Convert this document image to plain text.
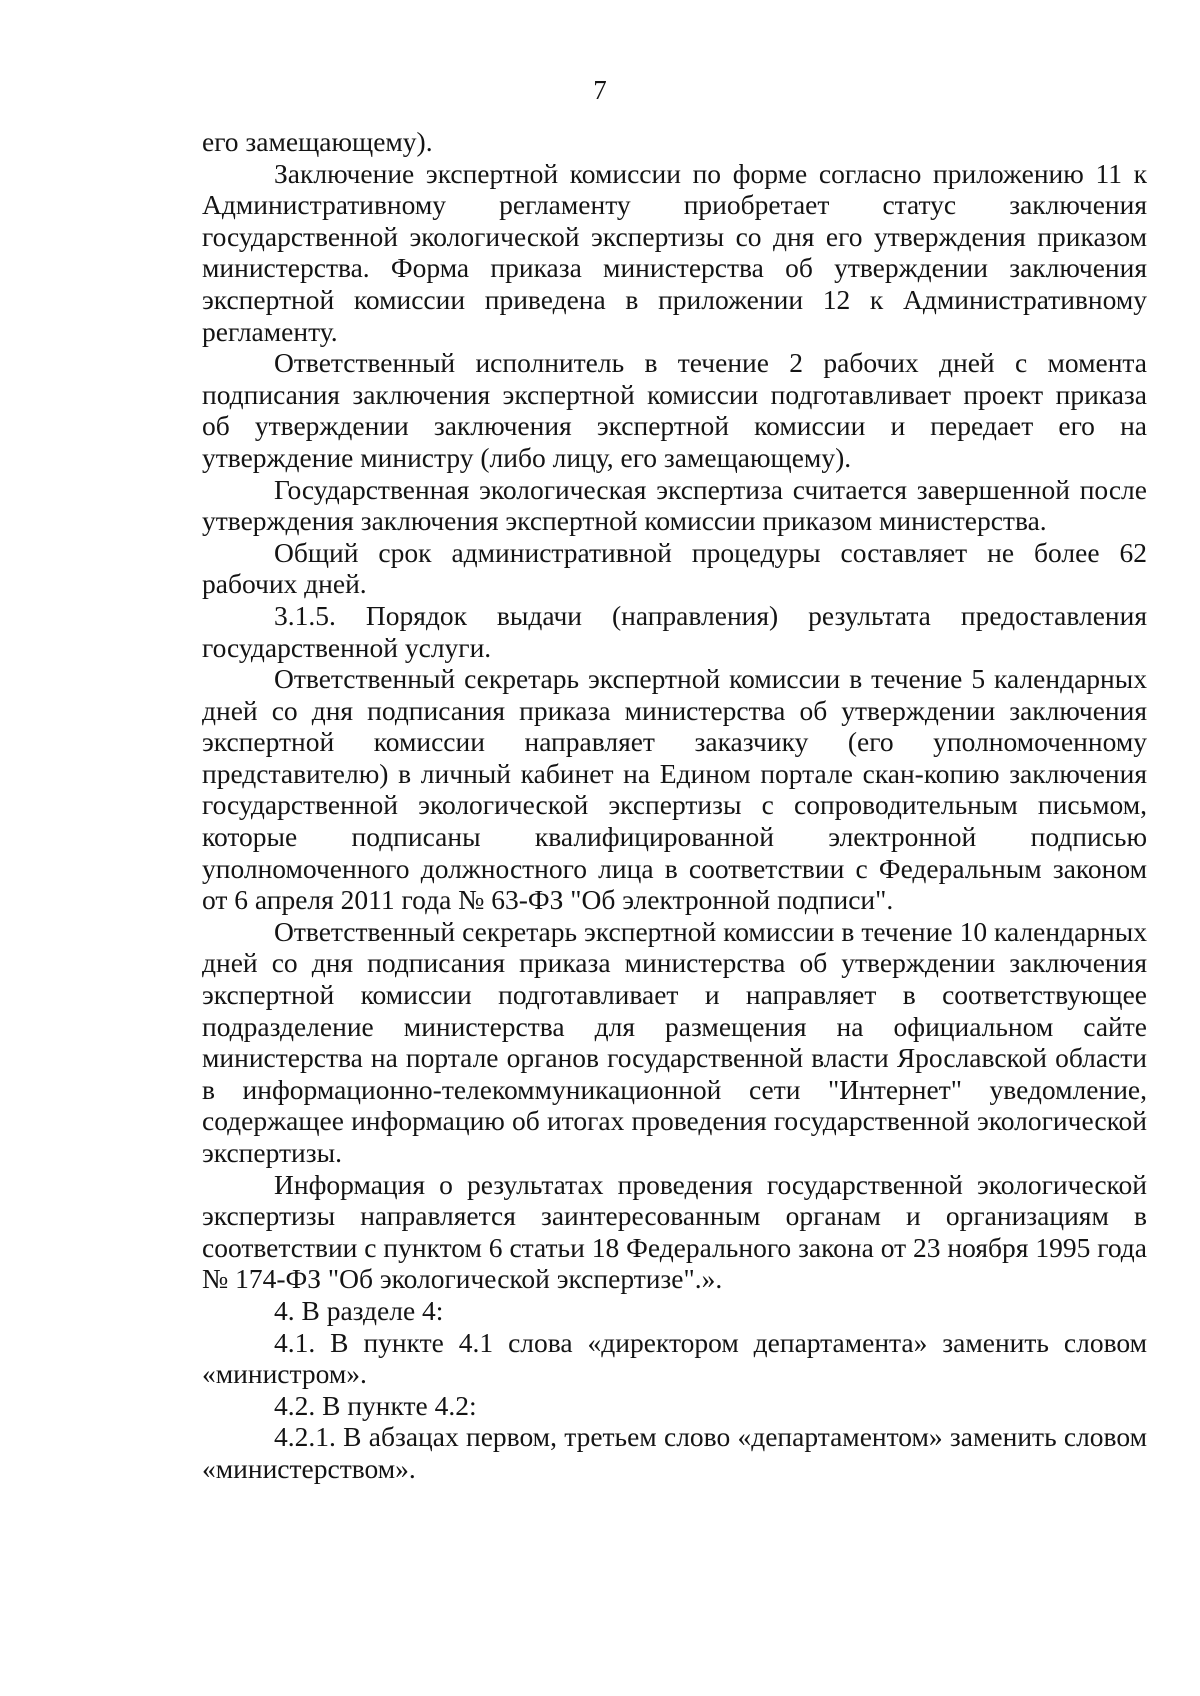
7

его замещающему).

Заключение экспертной комиссии по форме согласно приложению 11 к Административному регламенту приобретает статус заключения государственной экологической экспертизы со дня его утверждения приказом министерства. Форма приказа министерства об утверждении заключения экспертной комиссии приведена в приложении 12 к Административному регламенту.

Ответственный исполнитель в течение 2 рабочих дней с момента подписания заключения экспертной комиссии подготавливает проект приказа об утверждении заключения экспертной комиссии и передает его на утверждение министру (либо лицу, его замещающему).

Государственная экологическая экспертиза считается завершенной после утверждения заключения экспертной комиссии приказом министерства.

Общий срок административной процедуры составляет не более 62 рабочих дней.

3.1.5. Порядок выдачи (направления) результата предоставления государственной услуги.

Ответственный секретарь экспертной комиссии в течение 5 календарных дней со дня подписания приказа министерства об утверждении заключения экспертной комиссии направляет заказчику (его уполномоченному представителю) в личный кабинет на Едином портале скан-копию заключения государственной экологической экспертизы с сопроводительным письмом, которые подписаны квалифицированной электронной подписью уполномоченного должностного лица в соответствии с Федеральным законом от 6 апреля 2011 года № 63-ФЗ "Об электронной подписи".

Ответственный секретарь экспертной комиссии в течение 10 календарных дней со дня подписания приказа министерства об утверждении заключения экспертной комиссии подготавливает и направляет в соответствующее подразделение министерства для размещения на официальном сайте министерства на портале органов государственной власти Ярославской области в информационно-телекоммуникационной сети "Интернет" уведомление, содержащее информацию об итогах проведения государственной экологической экспертизы.

Информация о результатах проведения государственной экологической экспертизы направляется заинтересованным органам и организациям в соответствии с пунктом 6 статьи 18 Федерального закона от 23 ноября 1995 года № 174-ФЗ "Об экологической экспертизе".».

4. В разделе 4:

4.1. В пункте 4.1 слова «директором департамента» заменить словом «министром».

4.2. В пункте 4.2:

4.2.1. В абзацах первом, третьем слово «департаментом» заменить словом «министерством».
